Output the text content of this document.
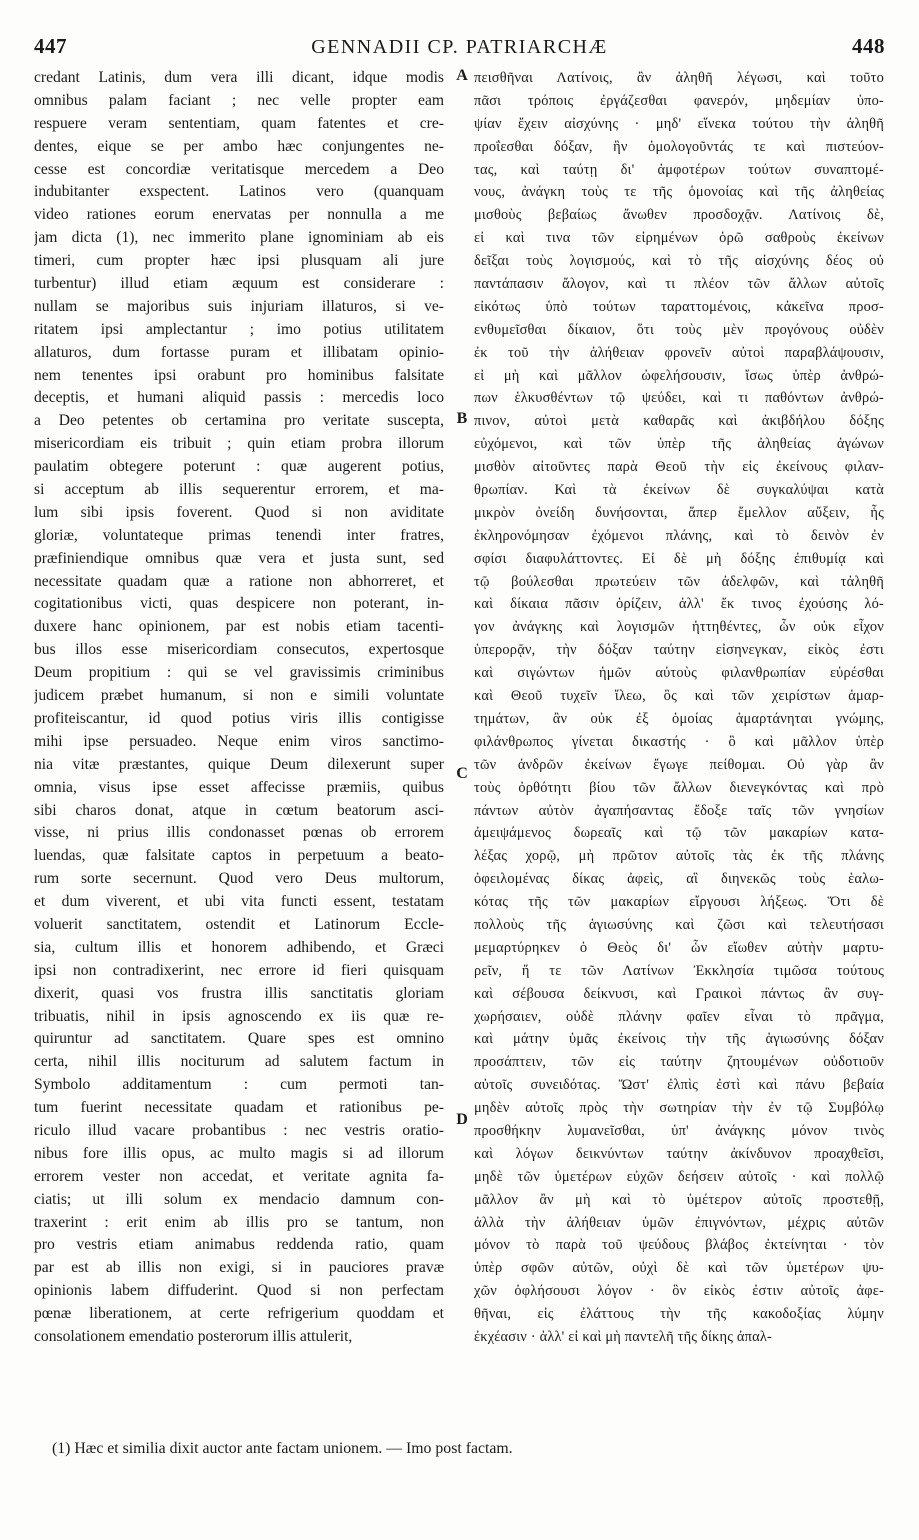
447	GENNADII CP. PATRIARCHÆ	448
credant Latinis, dum vera illi dicant, idque modis
omnibus palam faciant ; nec velle propter eam
respuere veram sententiam, quam fatentes et cre-
dentes, eique se per ambo hæc conjungentes ne-
cesse est concordiæ veritatisque mercedem a Deo
indubitanter exspectent. Latinos vero (quanquam
video rationes eorum enervatas per nonnulla a me
jam dicta (1), nec immerito plane ignominiam ab eis
timeri, cum propter hæc ipsi plusquam ali jure
turbentur) illud etiam æquum est considerare :
nullam se majoribus suis injuriam illaturos, si ve-
ritatem ipsi amplectantur ; imo potius utilitatem
allaturos, dum fortasse puram et illibatam opinio-
nem tenentes ipsi orabunt pro hominibus falsitate
deceptis, et humani aliquid passis : mercedis loco
a Deo petentes ob certamina pro veritate suscepta,
misericordiam eis tribuit ; quin etiam probra illorum
paulatim obtegere poterunt : quæ augerent potius,
si acceptum ab illis sequerentur errorem, et ma-
lum sibi ipsis foverent. Quod si non aviditate
gloriæ, voluntateque primas tenendi inter fratres,
præfiniendique omnibus quæ vera et justa sunt, sed
necessitate quadam quæ a ratione non abhorreret, et
cogitationibus victi, quas despicere non poterant, in-
duxere hanc opinionem, par est nobis etiam tacenti-
bus illos esse misericordiam consecutos, expertosque
Deum propitium : qui se vel gravissimis criminibus
judicem præbet humanum, si non e simili voluntate
profiteiscantur, id quod potius viris illis contigisse
mihi ipse persuadeo. Neque enim viros sanctimo-
nia vitæ præstantes, quique Deum dilexerunt super
omnia, visus ipse esset affecisse præmiis, quibus
sibi charos donat, atque in cœtum beatorum asci-
visse, ni prius illis condonasset pœnas ob errorem
luendas, quæ falsitate captos in perpetuum a beato-
rum sorte secernunt. Quod vero Deus multorum,
et dum viverent, et ubi vita functi essent, testatam
voluerit sanctitatem, ostendit et Latinorum Eccle-
sia, cultum illis et honorem adhibendo, et Græci
ipsi non contradixerint, nec errore id fieri quisquam
dixerit, quasi vos frustra illis sanctitatis gloriam
tribuatis, nihil in ipsis agnoscendo ex iis quæ re-
quiruntur ad sanctitatem. Quare spes est omnino
certa, nihil illis nociturum ad salutem factum in
Symbolo additamentum : cum permoti tan-
tum fuerint necessitate quadam et rationibus pe-
riculo illud vacare probantibus : nec vestris oratio-
nibus fore illis opus, ac multo magis si ad illorum
errorem vester non accedat, et veritate agnita fa-
ciatis; ut illi solum ex mendacio damnum con-
traxerint : erit enim ab illis pro se tantum, non
pro vestris etiam animabus reddenda ratio, quam
par est ab illis non exigi, si in pauciores pravæ
opinionis labem diffuderint. Quod si non perfectam
pœnæ liberationem, at certe refrigerium quoddam et
consolationem emendatio posterorum illis attulerit,
A
B
C
D
πεισθῆναι Λατίνοις, ἂν ἀληθῆ λέγωσι, καὶ τοῦτο
πᾶσι τρόποις ἐργάζεσθαι φανερόν, μηδεμίαν ὑπο-
ψίαν ἔχειν αἰσχύνης · μηδ' εἵνεκα τούτου τὴν ἀληθῆ
προΐεσθαι δόξαν, ἣν ὁμολογοῦντάς τε καὶ πιστεύον-
τας, καὶ ταύτῃ δι' ἀμφοτέρων τούτων συναπτομέ-
νους, ἀνάγκη τοὺς τε τῆς ὁμονοίας καὶ τῆς ἀληθείας
μισθοὺς βεβαίως ἄνωθεν προσδοχᾷν. Λατίνοις δὲ,
εἰ καὶ τινα τῶν εἰρημένων ὁρῶ σαθροὺς ἐκείνων
δεῖξαι τοὺς λογισμούς, καὶ τὸ τῆς αἰσχύνης δέος οὐ
παντάπασιν ἄλογον, καὶ τι πλέον τῶν ἄλλων αὐτοῖς
εἰκότως ὑπὸ τούτων ταραττομένοις, κἀκεῖνα προσ-
ενθυμεῖσθαι δίκαιον, ὅτι τοὺς μὲν προγόνους οὐδὲν
ἐκ τοῦ τὴν ἀλήθειαν φρονεῖν αὐτοὶ παραβλάψουσιν,
εἰ μὴ καὶ μᾶλλον ὠφελήσουσιν, ἴσως ὑπὲρ ἀνθρώ-
πων ἑλκυσθέντων τῷ ψεύδει, καὶ τι παθόντων ἀνθρώ-
πινον, αὐτοὶ μετὰ καθαρᾶς καὶ ἀκιβδήλου δόξης
εὐχόμενοι, καὶ τῶν ὑπὲρ τῆς ἀληθείας ἀγώνων
μισθὸν αἰτοῦντες παρὰ Θεοῦ τὴν εἰς ἐκείνους φιλαν-
θρωπίαν. Καὶ τὰ ἐκείνων δὲ συγκαλύψαι κατὰ
μικρὸν ὀνείδη δυνήσονται, ἅπερ ἔμελλον αὔξειν, ἧς
ἐκληρονόμησαν ἐχόμενοι πλάνης, καὶ τὸ δεινὸν ἐν
σφίσι διαφυλάττοντες. Εἰ δὲ μὴ δόξης ἐπιθυμίᾳ καὶ
τῷ βούλεσθαι πρωτεύειν τῶν ἀδελφῶν, καὶ τἀληθῆ
καὶ δίκαια πᾶσιν ὁρίζειν, ἀλλ' ἔκ τινος ἐχούσης λό-
γον ἀνάγκης καὶ λογισμῶν ἡττηθέντες, ὧν οὐκ εἶχον
ὑπερορᾷν, τὴν δόξαν ταύτην εἰσηνεγκαν, εἰκὸς ἐστι
καὶ σιγώντων ἡμῶν αὐτοὺς φιλανθρωπίαν εὑρέσθαι
καὶ Θεοῦ τυχεῖν ἵλεω, ὃς καὶ τῶν χειρίστων ἁμαρ-
τημάτων, ἂν οὐκ ἐξ ὁμοίας ἁμαρτάνηται γνώμης,
φιλάνθρωπος γίνεται δικαστής · ὃ καὶ μᾶλλον ὑπὲρ
τῶν ἀνδρῶν ἐκείνων ἔγωγε πείθομαι. Οὐ γὰρ ἂν
τοὺς ὀρθότητι βίου τῶν ἄλλων διενεγκόντας καὶ πρὸ
πάντων αὐτὸν ἀγαπήσαντας ἔδοξε ταῖς τῶν γνησίων
ἀμειψάμενος δωρεαῖς καὶ τῷ τῶν μακαρίων κατα-
λέξας χορῷ, μὴ πρῶτον αὐτοῖς τὰς ἐκ τῆς πλάνης
ὀφειλομένας δίκας ἀφεὶς, αἳ διηνεκῶς τοὺς ἑαλω-
κότας τῆς τῶν μακαρίων εἴργουσι λήξεως. Ὅτι δὲ
πολλοὺς τῆς ἁγιωσύνης καὶ ζῶσι καὶ τελευτήσασι
μεμαρτύρηκεν ὁ Θεὸς δι' ὧν εἴωθεν αὐτὴν μαρτυ-
ρεῖν, ἥ τε τῶν Λατίνων Ἐκκλησία τιμῶσα τούτους
καὶ σέβουσα δείκνυσι, καὶ Γραικοὶ πάντως ἂν συγ-
χωρήσαιεν, οὐδὲ πλάνην φαῖεν εἶναι τὸ πρᾶγμα,
καὶ μάτην ὑμᾶς ἐκείνοις τὴν τῆς ἁγιωσύνης δόξαν
προσάπτειν, τῶν εἰς ταύτην ζητουμένων οὐδοτιοῦν
αὐτοῖς συνειδότας. Ὥστ' ἐλπὶς ἐστὶ καὶ πάνυ βεβαία
μηδὲν αὐτοῖς πρὸς τὴν σωτηρίαν τὴν ἐν τῷ Συμβόλῳ
προσθήκην λυμανεῖσθαι, ὑπ' ἀνάγκης μόνον τινὸς
καὶ λόγων δεικνύντων ταύτην ἀκίνδυνον προαχθεῖσι,
μηδὲ τῶν ὑμετέρων εὐχῶν δεήσειν αὐτοῖς · καὶ πολλῷ
μᾶλλον ἂν μὴ καὶ τὸ ὑμέτερον αὐτοῖς προστεθῇ,
ἀλλὰ τὴν ἀλήθειαν ὑμῶν ἐπιγνόντων, μέχρις αὐτῶν
μόνον τὸ παρὰ τοῦ ψεύδους βλάβος ἐκτείνηται · τὸν
ὑπὲρ σφῶν αὐτῶν, οὐχὶ δὲ καὶ τῶν ὑμετέρων ψυ-
χῶν ὀφλήσουσι λόγον · ὃν εἰκὸς ἐστιν αὐτοῖς ἀφε-
θῆναι, εἰς ἐλάττους τὴν τῆς κακοδοξίας λύμην
ἐκχέασιν · ἀλλ' εἰ καὶ μὴ παντελῆ τῆς δίκης ἀπαλ-
(1) Hæc et similia dixit auctor ante factam unionem. — Imo post factam.
